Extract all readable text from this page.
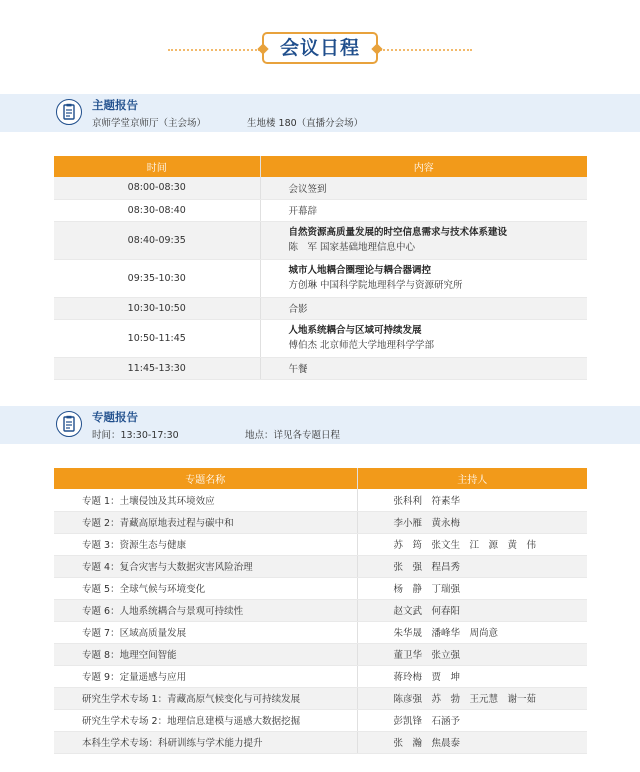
会议日程
主题报告
京师学堂京师厅（主会场）	生地楼 180（直播分会场）
时间	内容
08:00-08:30	会议签到
08:30-08:40	开幕辞
08:40-09:35	自然资源高质量发展的时空信息需求与技术体系建设
陈　军 国家基础地理信息中心

09:35-10:30	城市人地耦合圈理论与耦合器调控
方创琳 中国科学院地理科学与资源研究所

10:30-10:50	合影
10:50-11:45	人地系统耦合与区域可持续发展
傅伯杰 北京师范大学地理科学学部

11:45-13:30	午餐
专题报告
时间：13:30-17:30	地点：详见各专题日程
专题名称	主持人
专题 1：土壤侵蚀及其环境效应	张科利　符素华
专题 2：青藏高原地表过程与碳中和	李小雁　黄永梅
专题 3：资源生态与健康	苏　筠　张文生　江　源　黄　伟
专题 4：复合灾害与大数据灾害风险治理	张　强　程昌秀
专题 5：全球气候与环境变化	杨　静　丁瑞强
专题 6：人地系统耦合与景观可持续性	赵文武　何春阳
专题 7：区域高质量发展	朱华晟　潘峰华　周尚意
专题 8：地理空间智能	董卫华　张立强
专题 9：定量遥感与应用	蒋玲梅　贾　坤
研究生学术专场 1：青藏高原气候变化与可持续发展	陈彦强　苏　勃　王元慧　谢一茹
研究生学术专场 2：地理信息建模与遥感大数据挖掘	彭凯锋　石涵予
本科生学术专场：科研训练与学术能力提升	张　瀚　焦晨泰
